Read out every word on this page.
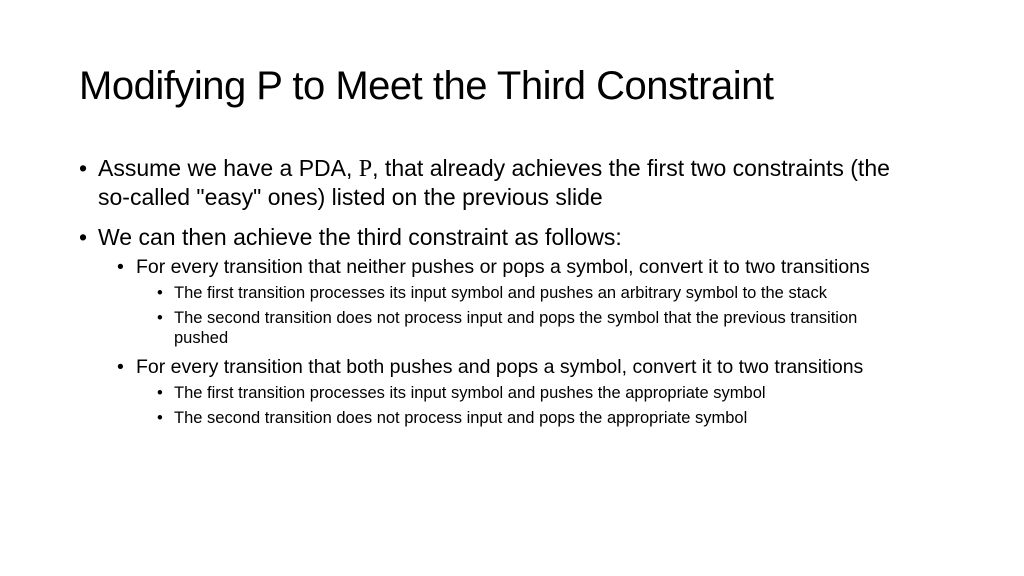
Modifying P to Meet the Third Constraint
• Assume we have a PDA, P, that already achieves the first two constraints (the so-called "easy" ones) listed on the previous slide
• We can then achieve the third constraint as follows:
• For every transition that neither pushes or pops a symbol, convert it to two transitions
• The first transition processes its input symbol and pushes an arbitrary symbol to the stack
• The second transition does not process input and pops the symbol that the previous transition pushed
• For every transition that both pushes and pops a symbol, convert it to two transitions
• The first transition processes its input symbol and pushes the appropriate symbol
• The second transition does not process input and pops the appropriate symbol
